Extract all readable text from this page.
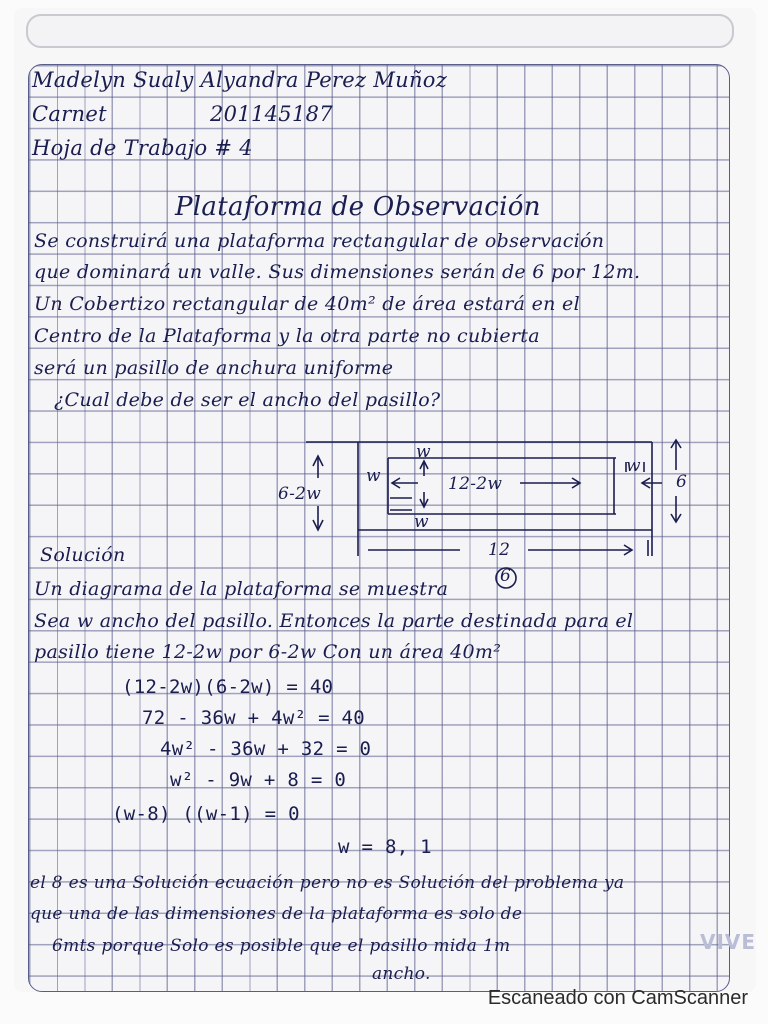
Madelyn Sualy Alyandra Perez Muñoz
Carnet	201145187
Hoja de Trabajo # 4
Plataforma de Observación
Se construirá una plataforma rectangular de observación
que dominará un valle. Sus dimensiones serán de 6 por 12m.
Un Cobertizo rectangular de 40m² de área estará en el
Centro de la Plataforma y la otra parte no cubierta
será un pasillo de anchura uniforme
¿Cual debe de ser el ancho del pasillo?
6-2w	12-2w
w
w	w
w
6
12
6
Solución
Un diagrama de la plataforma se muestra
Sea w ancho del pasillo. Entonces la parte destinada para el
pasillo tiene 12-2w por 6-2w Con un área 40m²
(12-2w)(6-2w) = 40
72 - 36w + 4w² = 40
4w² - 36w + 32 = 0
w² - 9w + 8 = 0
(w-8) ((w-1) = 0
w = 8, 1
el 8 es una Solución ecuación pero no es Solución del problema ya
que una de las dimensiones de la plataforma es solo de
6mts porque Solo es posible que el pasillo mida 1m
ancho.
VIVE
Escaneado con CamScanner
